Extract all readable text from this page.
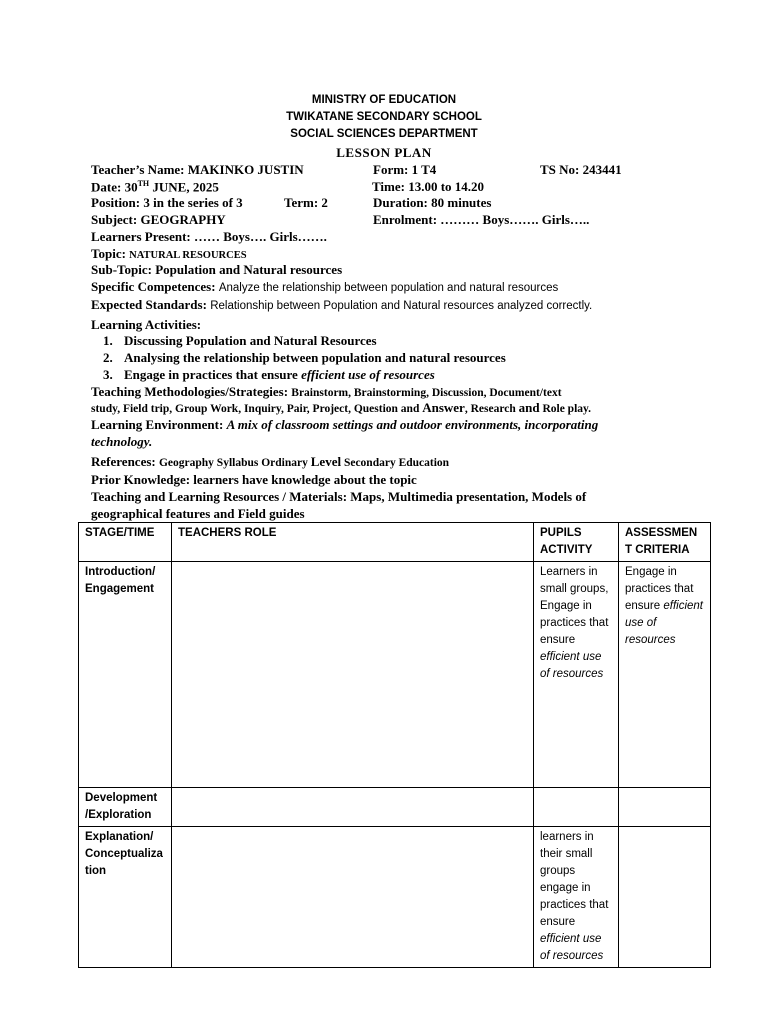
MINISTRY OF EDUCATION
TWIKATANE SECONDARY SCHOOL
SOCIAL SCIENCES DEPARTMENT
LESSON PLAN
Teacher’s Name: MAKINKO JUSTIN	Form: 1 T4	TS No: 243441
Date: 30TH JUNE, 2025	Time: 13.00 to 14.20
Position: 3 in the series of 3	Term: 2	Duration: 80 minutes
Subject: GEOGRAPHY	Enrolment: ……… Boys……. Girls…..
Learners Present: …… Boys…. Girls…….
Topic: NATURAL RESOURCES
Sub-Topic: Population and Natural resources
Specific Competences: Analyze the relationship between population and natural resources
Expected Standards: Relationship between Population and Natural resources analyzed correctly.
Learning Activities:
1. Discussing Population and Natural Resources
2. Analysing the relationship between population and natural resources
3. Engage in practices that ensure efficient use of resources
Teaching Methodologies/Strategies: Brainstorm, Brainstorming, Discussion, Document/text
study, Field trip, Group Work, Inquiry, Pair, Project, Question and Answer, Research and Role play.
Learning Environment: A mix of classroom settings and outdoor environments, incorporating
technology.
References: Geography Syllabus Ordinary Level Secondary Education
Prior Knowledge: learners have knowledge about the topic
Teaching and Learning Resources / Materials: Maps, Multimedia presentation, Models of
geographical features and Field guides
STAGE/TIME	TEACHERS ROLE	PUPILS ACTIVITY	ASSESSMEN T CRITERIA
Introduction/ Engagement		Learners in small groups, Engage in practices that ensure efficient use of resources	Engage in practices that ensure efficient use of resources
Development /Exploration			
Explanation/ Conceptualiza tion		learners in their small groups engage in practices that ensure efficient use of resources	
